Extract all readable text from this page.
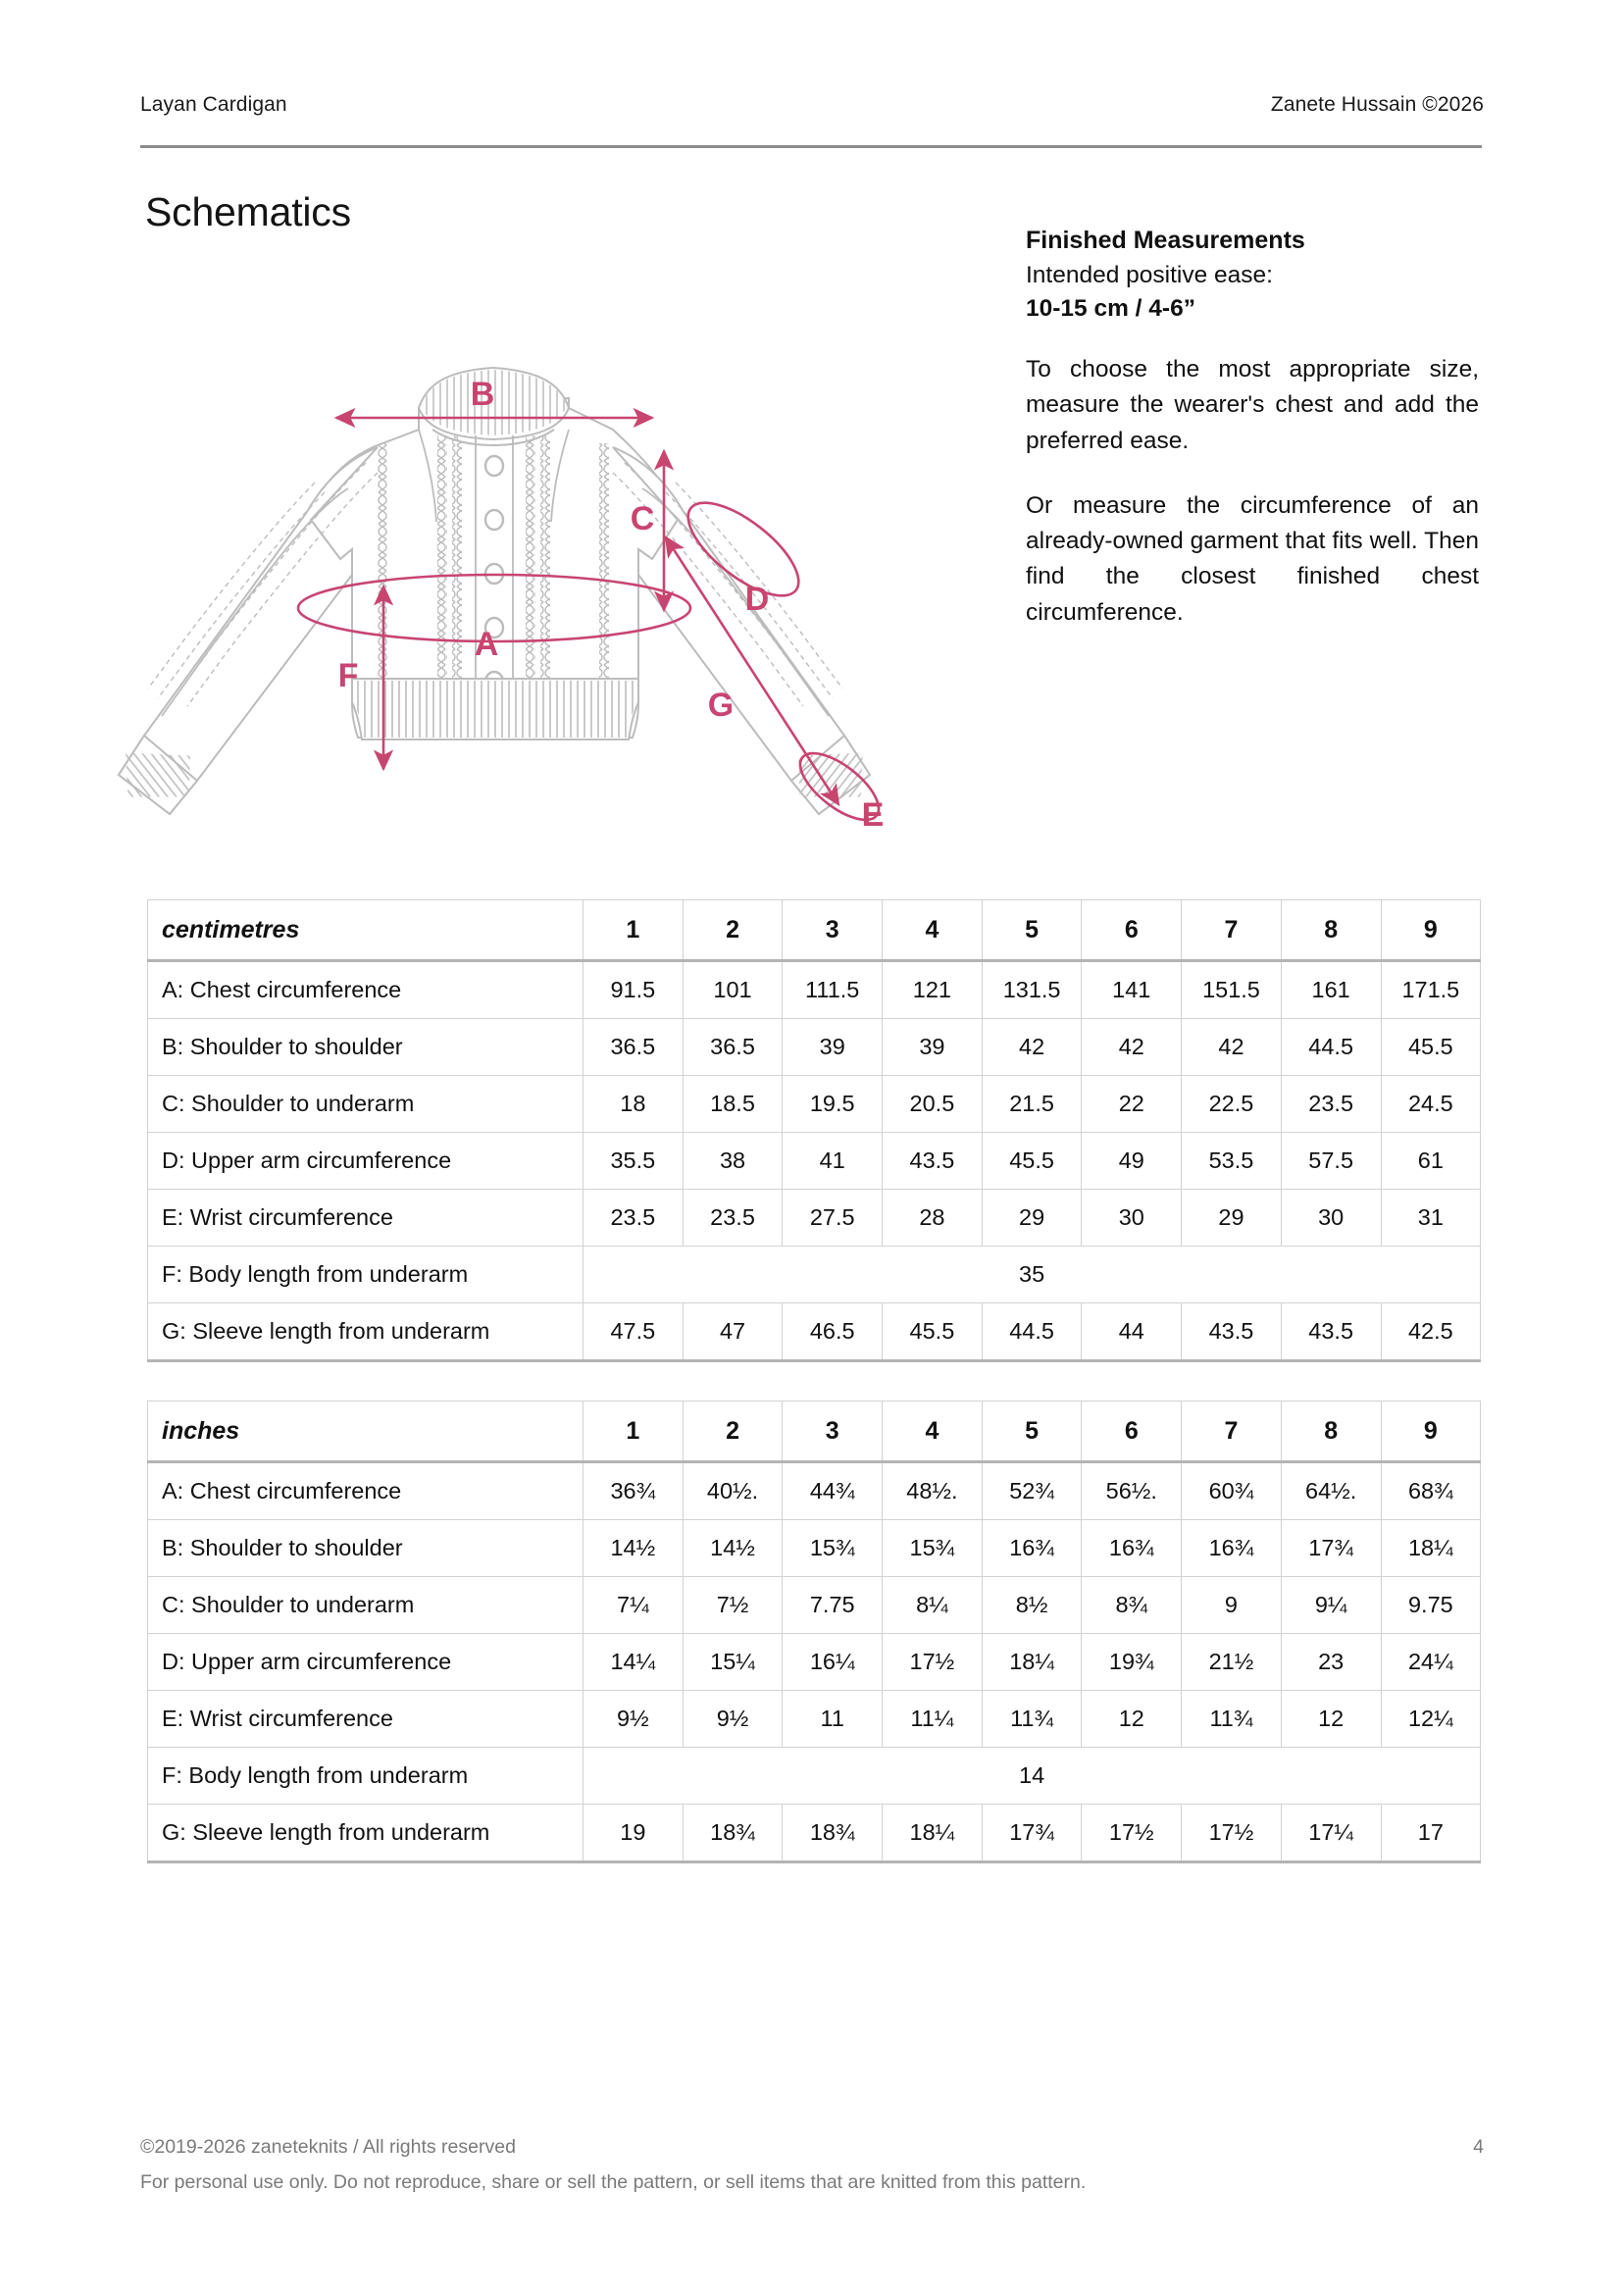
Layan Cardigan	Zanete Hussain ©2026
Schematics
B
C
A
F
D
G
E
Finished Measurements
Intended positive ease:
10-15 cm / 4-6”

To choose the most appropriate size, measure the wearer's chest and add the preferred ease.

Or measure the circumference of an already-owned garment that fits well. Then find the closest finished chest circumference.

centimetres	1	2	3	4	5	6	7	8	9
A: Chest circumference	91.5	101	111.5	121	131.5	141	151.5	161	171.5
B: Shoulder to shoulder	36.5	36.5	39	39	42	42	42	44.5	45.5
C: Shoulder to underarm	18	18.5	19.5	20.5	21.5	22	22.5	23.5	24.5
D: Upper arm circumference	35.5	38	41	43.5	45.5	49	53.5	57.5	61
E: Wrist circumference	23.5	23.5	27.5	28	29	30	29	30	31
F: Body length from underarm	35								
G: Sleeve length from underarm	47.5	47	46.5	45.5	44.5	44	43.5	43.5	42.5
inches	1	2	3	4	5	6	7	8	9
A: Chest circumference	36¾	40½.	44¾	48½.	52¾	56½.	60¾	64½.	68¾
B: Shoulder to shoulder	14½	14½	15¾	15¾	16¾	16¾	16¾	17¾	18¼
C: Shoulder to underarm	7¼	7½	7.75	8¼	8½	8¾	9	9¼	9.75
D: Upper arm circumference	14¼	15¼	16¼	17½	18¼	19¾	21½	23	24¼
E: Wrist circumference	9½	9½	11	11¼	11¾	12	11¾	12	12¼
F: Body length from underarm	14								
G: Sleeve length from underarm	19	18¾	18¾	18¼	17¾	17½	17½	17¼	17
©2019-2026 zaneteknits / All rights reserved	4
For personal use only. Do not reproduce, share or sell the pattern, or sell items that are knitted from this pattern.
